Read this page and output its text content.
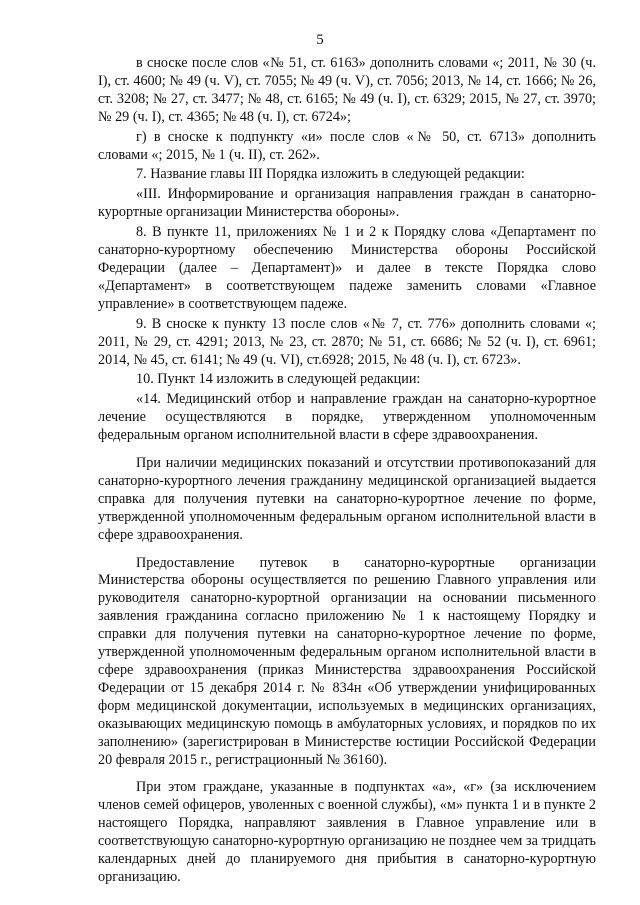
5

в сноске после слов «№ 51, ст. 6163» дополнить словами «; 2011, № 30 (ч. I), ст. 4600; № 49 (ч. V), ст. 7055; № 49 (ч. V), ст. 7056; 2013, № 14, ст. 1666; № 26, ст. 3208; № 27, ст. 3477; № 48, ст. 6165; № 49 (ч. I), ст. 6329; 2015, № 27, ст. 3970; № 29 (ч. I), ст. 4365; № 48 (ч. I), ст. 6724»;

г) в сноске к подпункту «и» после слов «№ 50, ст. 6713» дополнить словами «; 2015, № 1 (ч. II), ст. 262».

7. Название главы III Порядка изложить в следующей редакции:

«III. Информирование и организация направления граждан в санаторно-курортные организации Министерства обороны».

8. В пункте 11, приложениях № 1 и 2 к Порядку слова «Департамент по санаторно-курортному обеспечению Министерства обороны Российской Федерации (далее – Департамент)» и далее в тексте Порядка слово «Департамент» в соответствующем падеже заменить словами «Главное управление» в соответствующем падеже.

9. В сноске к пункту 13 после слов «№ 7, ст. 776» дополнить словами «; 2011, № 29, ст. 4291; 2013, № 23, ст. 2870; № 51, ст. 6686; № 52 (ч. I), ст. 6961; 2014, № 45, ст. 6141; № 49 (ч. VI), ст.6928; 2015, № 48 (ч. I), ст. 6723».

10. Пункт 14 изложить в следующей редакции:

«14. Медицинский отбор и направление граждан на санаторно-курортное лечение осуществляются в порядке, утвержденном уполномоченным федеральным органом исполнительной власти в сфере здравоохранения.

При наличии медицинских показаний и отсутствии противопоказаний для санаторно-курортного лечения гражданину медицинской организацией выдается справка для получения путевки на санаторно-курортное лечение по форме, утвержденной уполномоченным федеральным органом исполнительной власти в сфере здравоохранения.

Предоставление путевок в санаторно-курортные организации Министерства обороны осуществляется по решению Главного управления или руководителя санаторно-курортной организации на основании письменного заявления гражданина согласно приложению № 1 к настоящему Порядку и справки для получения путевки на санаторно-курортное лечение по форме, утвержденной уполномоченным федеральным органом исполнительной власти в сфере здравоохранения (приказ Министерства здравоохранения Российской Федерации от 15 декабря 2014 г. № 834н «Об утверждении унифицированных форм медицинской документации, используемых в медицинских организациях, оказывающих медицинскую помощь в амбулаторных условиях, и порядков по их заполнению» (зарегистрирован в Министерстве юстиции Российской Федерации 20 февраля 2015 г., регистрационный № 36160).

При этом граждане, указанные в подпунктах «а», «г» (за исключением членов семей офицеров, уволенных с военной службы), «м» пункта 1 и в пункте 2 настоящего Порядка, направляют заявления в Главное управление или в соответствующую санаторно-курортную организацию не позднее чем за тридцать календарных дней до планируемого дня прибытия в санаторно-курортную организацию.
